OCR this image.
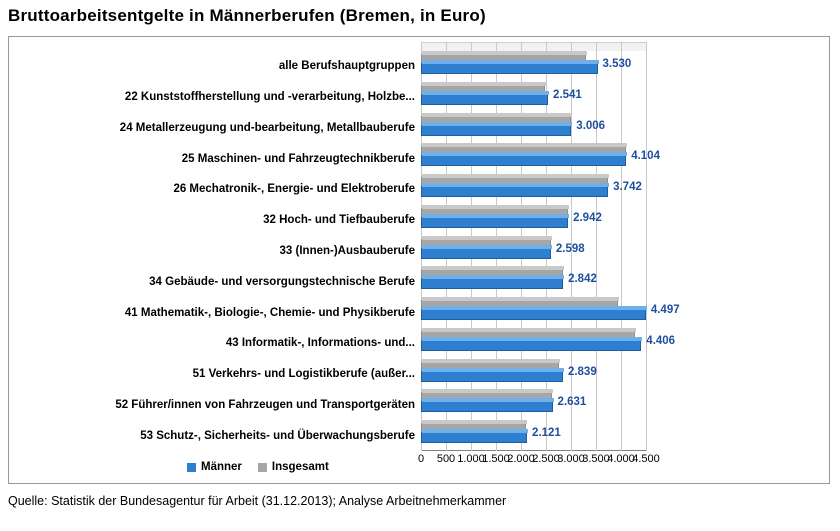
Bruttoarbeitsentgelte in Männerberufen (Bremen, in Euro)
alle Berufshauptgruppen	3.530
22 Kunststoffherstellung und -verarbeitung, Holzbe...	2.541
24 Metallerzeugung und-bearbeitung, Metallbauberufe	3.006
25 Maschinen- und Fahrzeugtechnikberufe	4.104
26 Mechatronik-, Energie- und Elektroberufe	3.742
32 Hoch- und Tiefbauberufe	2.942
33 (Innen-)Ausbauberufe	2.598
34 Gebäude- und versorgungstechnische Berufe	2.842
41 Mathematik-, Biologie-, Chemie- und Physikberufe	4.497
43 Informatik-, Informations- und...	4.406
51 Verkehrs- und Logistikberufe (außer...	2.839
52 Führer/innen von Fahrzeugen und Transportgeräten	2.631
53 Schutz-, Sicherheits- und Überwachungsberufe	2.121
0 500 1.000
1.500
2.000
2.500
3.000
3.500
4.000
4.500
Männer	Insgesamt
Quelle: Statistik der Bundesagentur für Arbeit (31.12.2013); Analyse Arbeitnehmerkammer
